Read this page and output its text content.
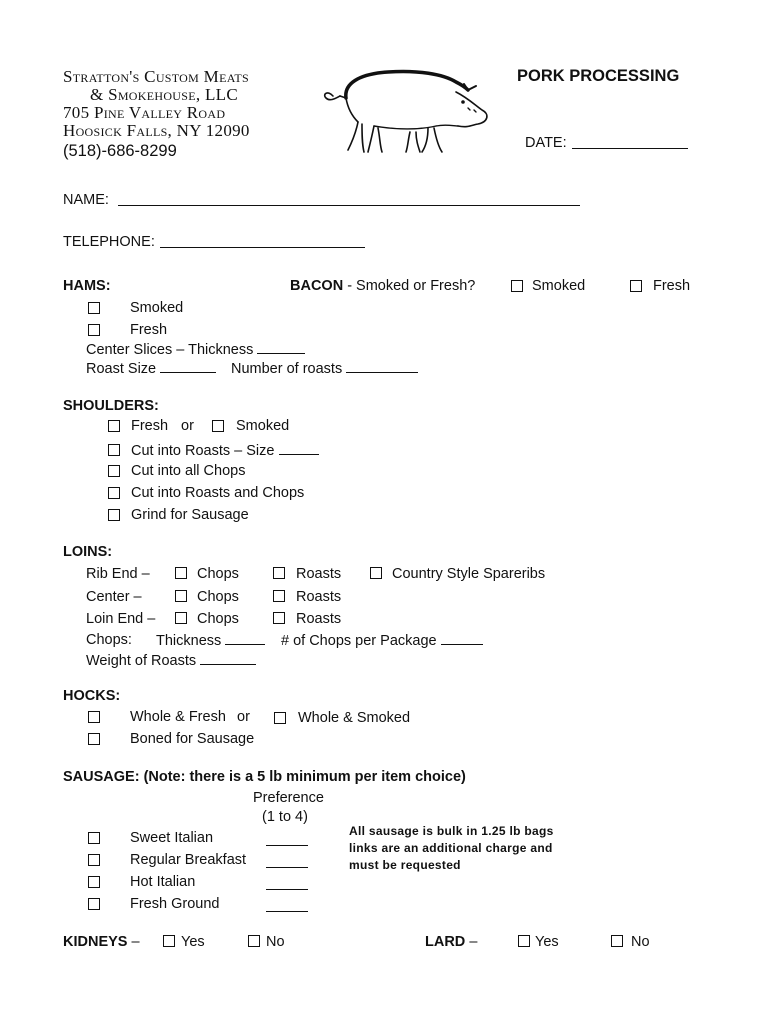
Stratton's Custom Meats
& Smokehouse, LLC
705 Pine Valley Road
Hoosick Falls, NY 12090
(518)-686-8299
PORK PROCESSING
DATE:
NAME:
TELEPHONE:
HAMS:
Smoked
Fresh
Center Slices – Thickness
Roast Size	Number of roasts
BACON - Smoked or Fresh?	Smoked	Fresh
SHOULDERS:
Fresh or	Smoked
Cut into Roasts – Size
Cut into all Chops
Cut into Roasts and Chops
Grind for Sausage
LOINS:
Rib End –	Chops	Roasts	Country Style Spareribs
Center –	Chops	Roasts
Loin End –	Chops	Roasts
Chops: Thickness	# of Chops per Package
Weight of Roasts
HOCKS:
Whole & Fresh or	Whole & Smoked
Boned for Sausage
SAUSAGE: (Note: there is a 5 lb minimum per item choice)
Preference
(1 to 4)
Sweet Italian
Regular Breakfast
Hot Italian
Fresh Ground
All sausage is bulk in 1.25 lb bags
links are an additional charge and
must be requested
KIDNEYS –	Yes	No	LARD –	Yes	No
